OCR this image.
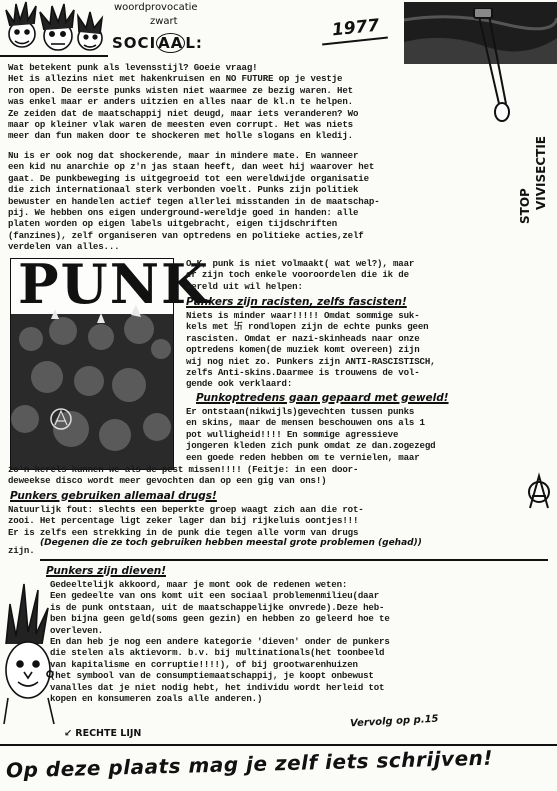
woordprovocatie
zwart
SOCI AA L:
1977
Wat betekent punk als levensstijl? Goeie vraag!
Het is allezins niet met hakenkruisen en NO FUTURE op je vestje
ron open. De eerste punks wisten niet waarmee ze bezig waren. Het
was enkel maar er anders uitzien en alles naar de kl.n te helpen.
Ze zeiden dat de maatschappij niet deugd, maar iets veranderen? Wo
maar op kleiner vlak waren de meesten even corrupt. Het was niets
meer dan fun maken door te shockeren met holle slogans en kledij.
Nu is er ook nog dat shockerende, maar in mindere mate. En wanneer
een kid nu anarchie op z'n jas staan heeft, dan weet hij waarover het
gaat. De punkbeweging is uitgegroeid tot een wereldwijde organisatie
die zich internationaal sterk verbonden voelt. Punks zijn politiek
bewuster en handelen actief tegen allerlei misstanden in de maatschap-
pij. We hebben ons eigen underground-wereldje goed in handen: alle
platen worden op eigen labels uitgebracht, eigen tijdschriften
(fanzines), zelf organiseren van optredens en politieke acties,zelf
verdelen van alles...
STOP VIVISECTIE
PUNK
O.K, punk is niet volmaakt( wat wel?), maar
er zijn toch enkele vooroordelen die ik de
wereld uit wil helpen:
Punkers zijn racisten, zelfs fascisten!
Niets is minder waar!!!!! Omdat sommige suk-
kels met 卐 rondlopen zijn de echte punks geen
rascisten. Omdat er nazi-skinheads naar onze
optredens komen(de muziek komt overeen) zijn
wij nog niet zo. Punkers zijn ANTI-RASCISTISCH,
zelfs Anti-skins.Daarmee is trouwens de vol-
gende ook verklaard:
Punkoptredens gaan gepaard met geweld!
Er ontstaan(nikwijls)gevechten tussen punks
en skins, maar de mensen beschouwen ons als 1
pot wulligheid!!!! En sommige agressieve
jongeren kleden zich punk omdat ze dan.zogezegd
een goede reden hebben om te vernielen, maar
zo'n kerels kunnen we als de pest missen!!!! (Feitje: in een door-
deweekse disco wordt meer gevochten dan op een gig van ons!)
Punkers gebruiken allemaal drugs!
Natuurlijk fout: slechts een beperkte groep waagt zich aan die rot-
zooi. Het percentage ligt zeker lager dan bij rijkeluis oontjes!!!
Er is zelfs een strekking in de punk die tegen alle vorm van drugs
zijn.
(Degenen die ze toch gebruiken hebben meestal grote problemen (gehad))
Punkers zijn dieven!
Gedeeltelijk akkoord, maar je mont ook de redenen weten:
Een gedeelte van ons komt uit een sociaal problemenmilieu(daar
is de punk ontstaan, uit de maatschappelijke onvrede).Deze heb-
ben bijna geen geld(soms geen gezin) en hebben zo geleerd hoe te
overleven.
En dan heb je nog een andere kategorie 'dieven' onder de punkers
die stelen als aktievorm. b.v. bij multinationals(het toonbeeld
van kapitalisme en corruptie!!!!), of bij grootwarenhuizen
(het symbool van de consumptiemaatschappij, je koopt onbewust
vanalles dat je niet nodig hebt, het individu wordt herleid tot
kopen en konsumeren zoals alle anderen.)
↙ RECHTE LIJN
Vervolg op p.15
Op deze plaats mag je zelf iets schrijven!
